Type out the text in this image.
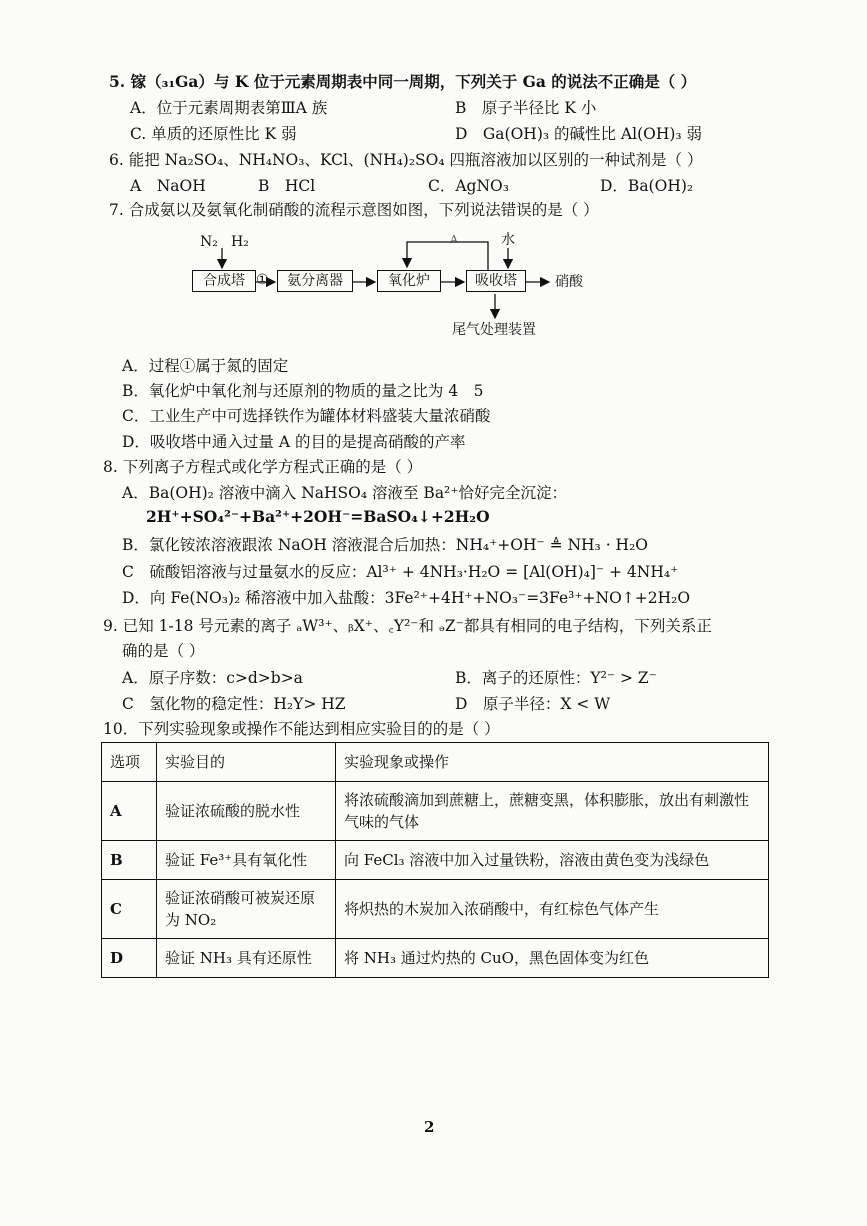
5. 镓（₃₁Ga）与 K 位于元素周期表中同一周期，下列关于 Ga 的说法不正确是（ ）
A．位于元素周期表第ⅢA 族	B　原子半径比 K 小
C. 单质的还原性比 K 弱	D　Ga(OH)₃ 的碱性比 Al(OH)₃ 弱
6. 能把 Na₂SO₄、NH₄NO₃、KCl、(NH₄)₂SO₄ 四瓶溶液加以区别的一种试剂是（ ）
A　NaOH	B　HCl	C．AgNO₃	D．Ba(OH)₂
7. 合成氨以及氨氧化制硝酸的流程示意图如图，下列说法错误的是（ ）
N₂ H₂
合成塔 ①	氨分离器	氧化炉	吸收塔
A	水
硝酸
尾气处理装置
A．过程①属于氮的固定
B．氧化炉中氧化剂与还原剂的物质的量之比为 4　5
C．工业生产中可选择铁作为罐体材料盛装大量浓硝酸
D．吸收塔中通入过量 A 的目的是提高硝酸的产率
8. 下列离子方程式或化学方程式正确的是（ ）
A．Ba(OH)₂ 溶液中滴入 NaHSO₄ 溶液至 Ba²⁺恰好完全沉淀：
2H⁺+SO₄²⁻+Ba²⁺+2OH⁻=BaSO₄↓+2H₂O
B．氯化铵浓溶液跟浓 NaOH 溶液混合后加热：NH₄⁺+OH⁻ ≜ NH₃ · H₂O
C　硫酸铝溶液与过量氨水的反应：Al³⁺ + 4NH₃·H₂O = [Al(OH)₄]⁻ + 4NH₄⁺
D．向 Fe(NO₃)₂ 稀溶液中加入盐酸：3Fe²⁺+4H⁺+NO₃⁻=3Fe³⁺+NO↑+2H₂O
9. 已知 1-18 号元素的离子 ₐW³⁺、ᵦX⁺、꜀Y²⁻和 ₔZ⁻都具有相同的电子结构，下列关系正
确的是（ ）
A．原子序数：c>d>b>a	B．离子的还原性：Y²⁻ > Z⁻
C　氢化物的稳定性：H₂Y> HZ	D　原子半径：X < W
10．下列实验现象或操作不能达到相应实验目的的是（ ）
选项	实验目的	实验现象或操作
A	验证浓硫酸的脱水性	将浓硫酸滴加到蔗糖上，蔗糖变黑，体积膨胀，放出有刺激性气味的气体
B	验证 Fe³⁺具有氧化性	向 FeCl₃ 溶液中加入过量铁粉，溶液由黄色变为浅绿色
C	验证浓硝酸可被炭还原为 NO₂	将炽热的木炭加入浓硝酸中，有红棕色气体产生
D	验证 NH₃ 具有还原性	将 NH₃ 通过灼热的 CuO，黑色固体变为红色
2
